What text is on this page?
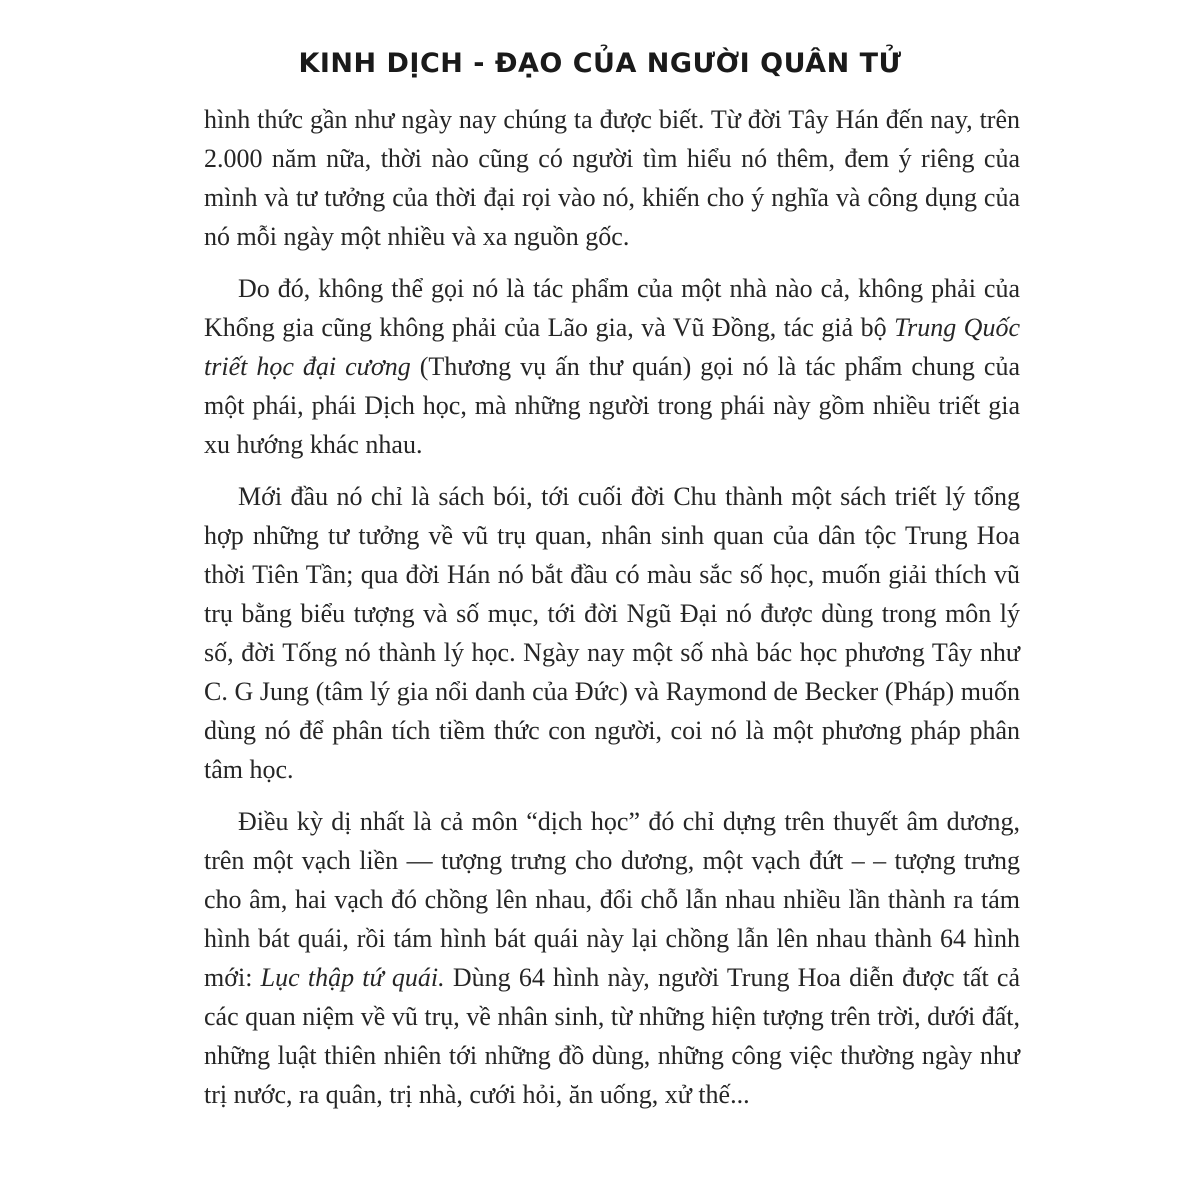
KINH DỊCH - ĐẠO CỦA NGƯỜI QUÂN TỬ

hình thức gần như ngày nay chúng ta được biết. Từ đời Tây Hán đến nay, trên 2.000 năm nữa, thời nào cũng có người tìm hiểu nó thêm, đem ý riêng của mình và tư tưởng của thời đại rọi vào nó, khiến cho ý nghĩa và công dụng của nó mỗi ngày một nhiều và xa nguồn gốc.

Do đó, không thể gọi nó là tác phẩm của một nhà nào cả, không phải của Khổng gia cũng không phải của Lão gia, và Vũ Đồng, tác giả bộ Trung Quốc triết học đại cương (Thương vụ ấn thư quán) gọi nó là tác phẩm chung của một phái, phái Dịch học, mà những người trong phái này gồm nhiều triết gia xu hướng khác nhau.

Mới đầu nó chỉ là sách bói, tới cuối đời Chu thành một sách triết lý tổng hợp những tư tưởng về vũ trụ quan, nhân sinh quan của dân tộc Trung Hoa thời Tiên Tần; qua đời Hán nó bắt đầu có màu sắc số học, muốn giải thích vũ trụ bằng biểu tượng và số mục, tới đời Ngũ Đại nó được dùng trong môn lý số, đời Tống nó thành lý học. Ngày nay một số nhà bác học phương Tây như C. G Jung (tâm lý gia nổi danh của Đức) và Raymond de Becker (Pháp) muốn dùng nó để phân tích tiềm thức con người, coi nó là một phương pháp phân tâm học.

Điều kỳ dị nhất là cả môn “dịch học” đó chỉ dựng trên thuyết âm dương, trên một vạch liền — tượng trưng cho dương, một vạch đứt – – tượng trưng cho âm, hai vạch đó chồng lên nhau, đổi chỗ lẫn nhau nhiều lần thành ra tám hình bát quái, rồi tám hình bát quái này lại chồng lẫn lên nhau thành 64 hình mới: Lục thập tứ quái. Dùng 64 hình này, người Trung Hoa diễn được tất cả các quan niệm về vũ trụ, về nhân sinh, từ những hiện tượng trên trời, dưới đất, những luật thiên nhiên tới những đồ dùng, những công việc thường ngày như trị nước, ra quân, trị nhà, cưới hỏi, ăn uống, xử thế...
